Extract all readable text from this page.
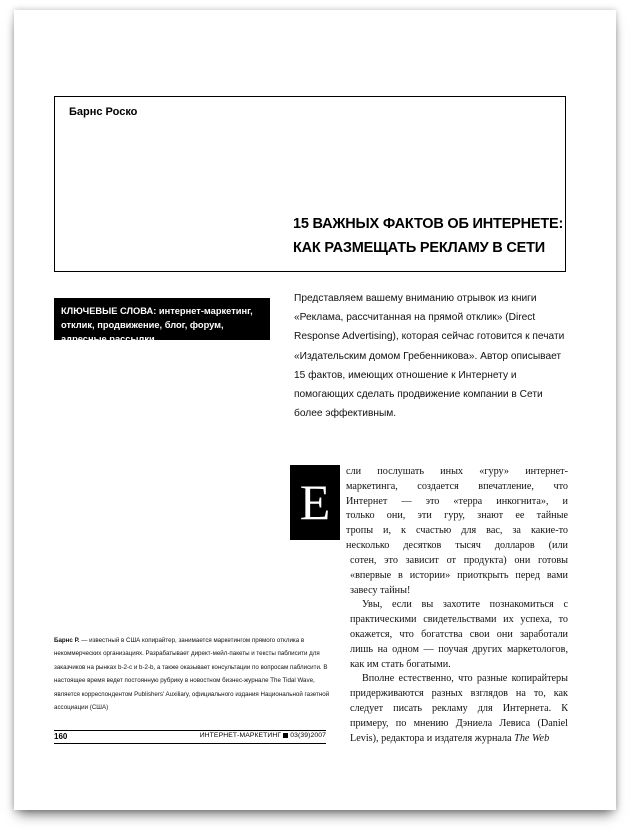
Барнс Роско
15 ВАЖНЫХ ФАКТОВ ОБ ИНТЕРНЕТЕ:
КАК РАЗМЕЩАТЬ РЕКЛАМУ В СЕТИ
КЛЮЧЕВЫЕ СЛОВА: интернет-маркетинг, отклик, продвижение, блог, форум, адресные рассылки
Представляем вашему вниманию отрывок из книги «Реклама, рассчитанная на прямой отклик» (Direct Response Advertising), которая сейчас готовится к печати «Издательским домом Гребенникова». Автор описывает 15 фактов, имеющих отношение к Интернету и помогающих сделать продвижение компании в Сети более эффективным.
Е
сли послушать иных «гуру» интернет-
маркетинга, создается впечатление, что
Интернет — это «терра инкогнита», и
только они, эти гуру, знают ее тайные
тропы и, к счастью для вас, за какие-то
несколько десятков тысяч долларов (или

сотен, это зависит от продукта) они готовы «впервые в истории» приоткрыть перед вами завесу тайны!

Увы, если вы захотите познакомиться с практическими свидетельствами их успеха, то окажется, что богатства свои они заработали лишь на одном — поучая других маркетологов, как им стать богатыми.

Вполне естественно, что разные копирайтеры придерживаются разных взглядов на то, как следует писать рекламу для Интернета. К примеру, по мнению Дэниела Левиса (Daniel Levis), редактора и издателя журнала The Web

Барнс Р. — известный в США копирайтер, занимается маркетингом прямого отклика в некоммерческих организациях. Разрабатывает директ-мейл-пакеты и тексты паблисити для заказчиков на рынках b-2-с и b-2-b, а также оказывает консультации по вопросам паблисити. В настоящее время ведет постоянную рубрику в новостном бизнес-журнале The Tidal Wave, является корреспондентом Publishers' Auxiliary, официального издания Национальной газетной ассоциации (США)
160	ИНТЕРНЕТ-МАРКЕТИНГ 03(39)2007
